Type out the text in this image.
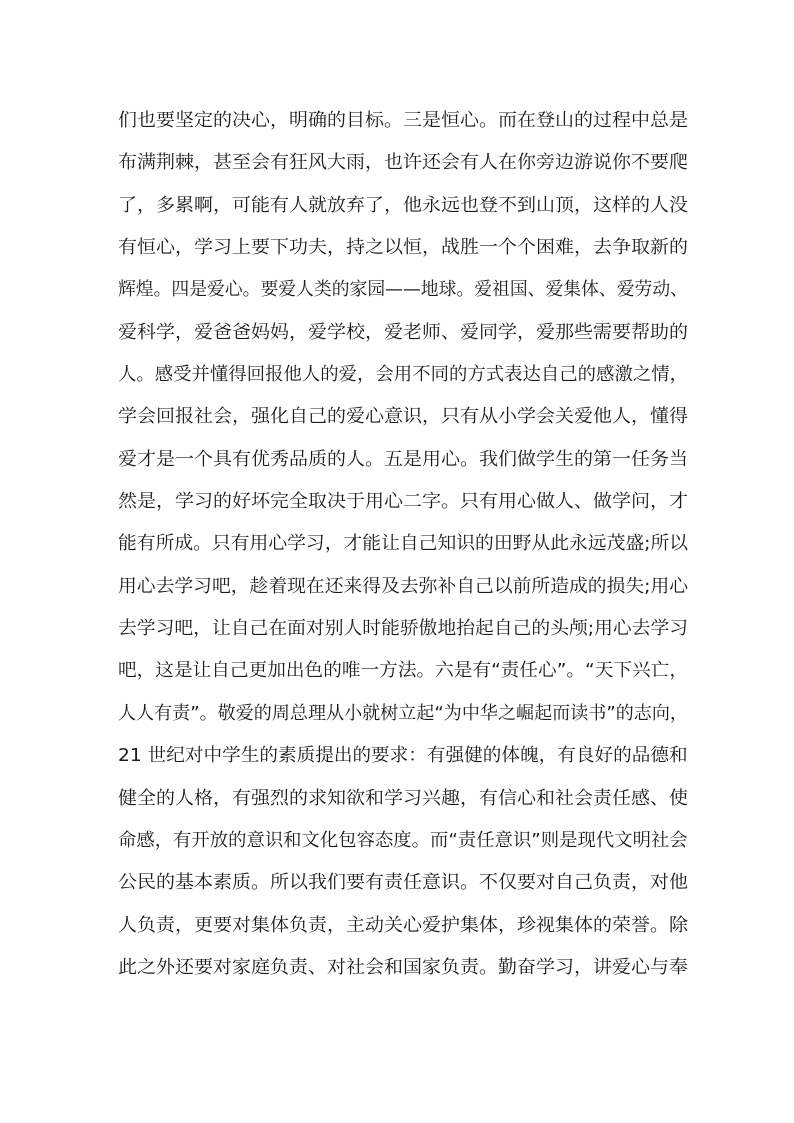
们也要坚定的决心，明确的目标。三是恒心。而在登山的过程中总是
布满荆棘，甚至会有狂风大雨，也许还会有人在你旁边游说你不要爬
了，多累啊，可能有人就放弃了，他永远也登不到山顶，这样的人没
有恒心，学习上要下功夫，持之以恒，战胜一个个困难，去争取新的
辉煌。四是爱心。要爱人类的家园——地球。爱祖国、爱集体、爱劳动、
爱科学，爱爸爸妈妈，爱学校，爱老师、爱同学，爱那些需要帮助的
人。感受并懂得回报他人的爱，会用不同的方式表达自己的感激之情，
学会回报社会，强化自己的爱心意识，只有从小学会关爱他人，懂得
爱才是一个具有优秀品质的人。五是用心。我们做学生的第一任务当
然是，学习的好坏完全取决于用心二字。只有用心做人、做学问，才
能有所成。只有用心学习，才能让自己知识的田野从此永远茂盛;所以
用心去学习吧，趁着现在还来得及去弥补自己以前所造成的损失;用心
去学习吧，让自己在面对别人时能骄傲地抬起自己的头颅;用心去学习
吧，这是让自己更加出色的唯一方法。六是有“责任心”。“天下兴亡，
人人有责”。敬爱的周总理从小就树立起“为中华之崛起而读书”的志向，
21 世纪对中学生的素质提出的要求：有强健的体魄，有良好的品德和
健全的人格，有强烈的求知欲和学习兴趣，有信心和社会责任感、使
命感，有开放的意识和文化包容态度。而“责任意识”则是现代文明社会
公民的基本素质。所以我们要有责任意识。不仅要对自己负责，对他
人负责，更要对集体负责，主动关心爱护集体，珍视集体的荣誉。除
此之外还要对家庭负责、对社会和国家负责。勤奋学习，讲爱心与奉
